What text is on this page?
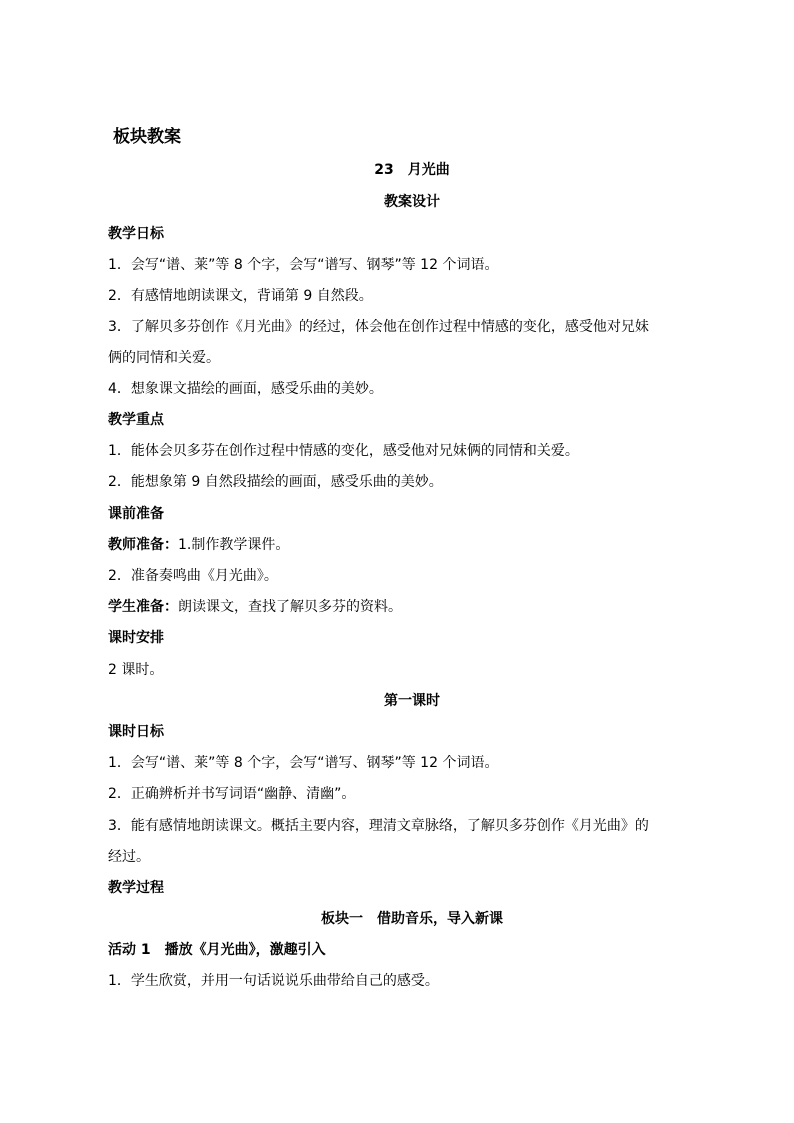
板块教案
23　月光曲
教案设计
教学日标
1．会写“谱、莱”等 8 个字，会写“谱写、钢琴”等 12 个词语。
2．有感情地朗读课文，背诵第 9 自然段。
3．了解贝多芬创作《月光曲》的经过，体会他在创作过程中情感的变化，感受他对兄妹
俩的同情和关爱。
4．想象课文描绘的画面，感受乐曲的美妙。
教学重点
1．能体会贝多芬在创作过程中情感的变化，感受他对兄妹俩的同情和关爱。
2．能想象第 9 自然段描绘的画面，感受乐曲的美妙。
课前准备
教师准备：1.制作教学课件。
2．准备奏鸣曲《月光曲》。
学生准备：朗读课文，查找了解贝多芬的资料。
课时安排
2 课时。
第一课时
课时日标
1．会写“谱、莱”等 8 个字，会写“谱写、钢琴”等 12 个词语。
2．正确辨析并书写词语“幽静、清幽”。
3．能有感情地朗读课文。概括主要内容，理清文章脉络，了解贝多芬创作《月光曲》的
经过。
教学过程
板块一　借助音乐，导入新课
活动 1　播放《月光曲》，激趣引入
1．学生欣赏，并用一句话说说乐曲带给自己的感受。
